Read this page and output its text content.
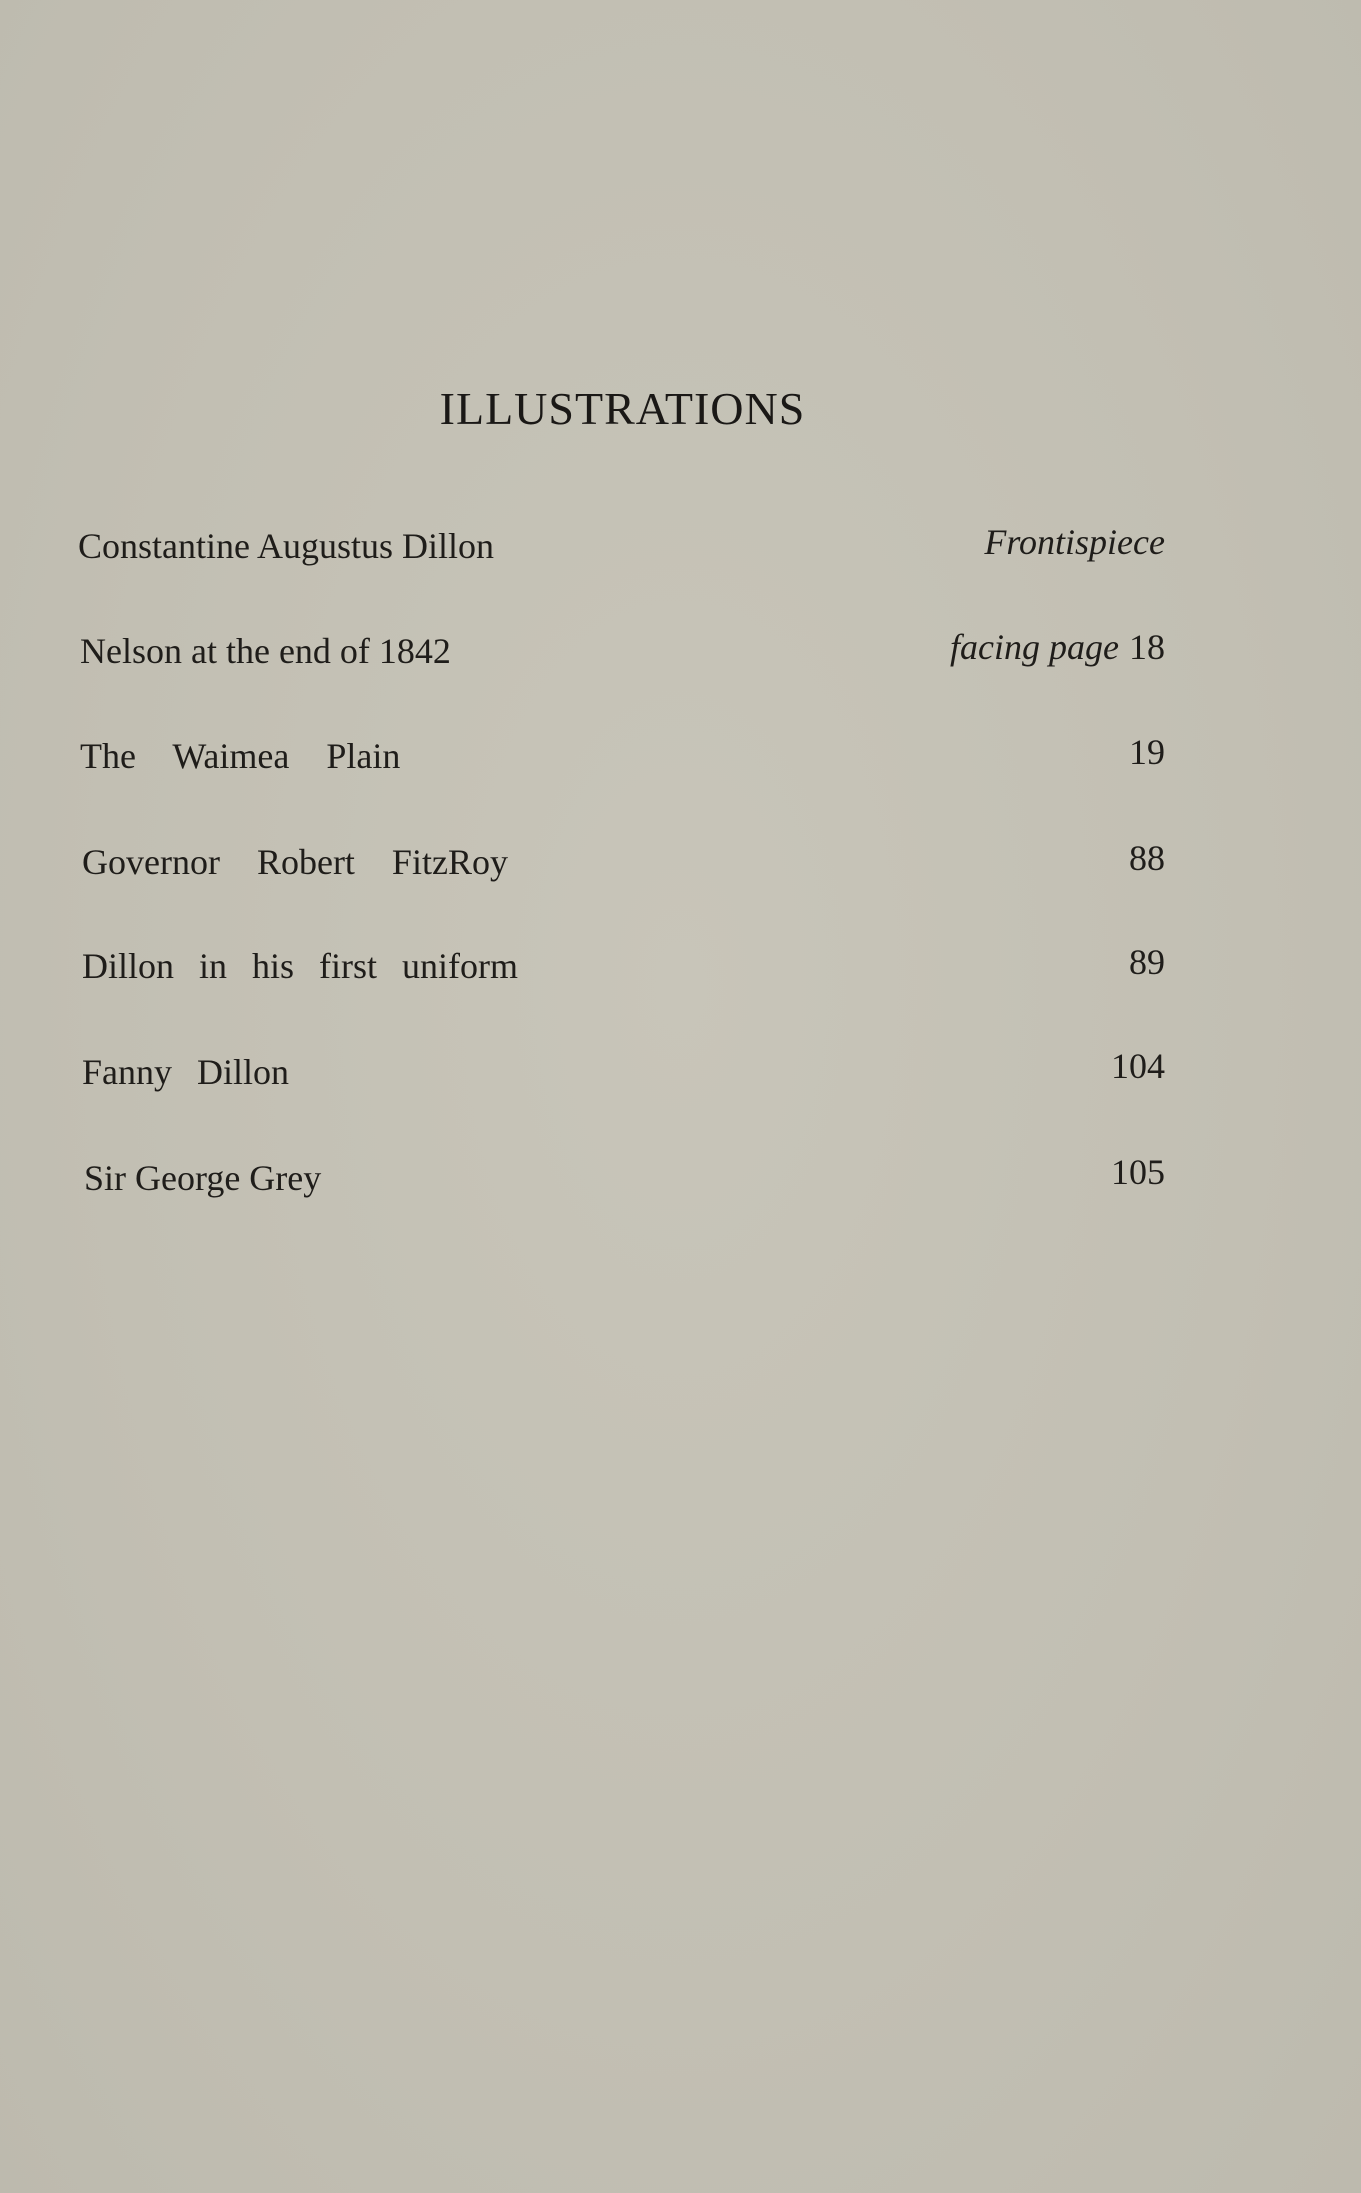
ILLUSTRATIONS
Constantine Augustus Dillon	Frontispiece
Nelson at the end of 1842	facing page 18
The Waimea Plain	19
Governor Robert FitzRoy	88
Dillon in his first uniform	89
Fanny Dillon	104
Sir George Grey	105
